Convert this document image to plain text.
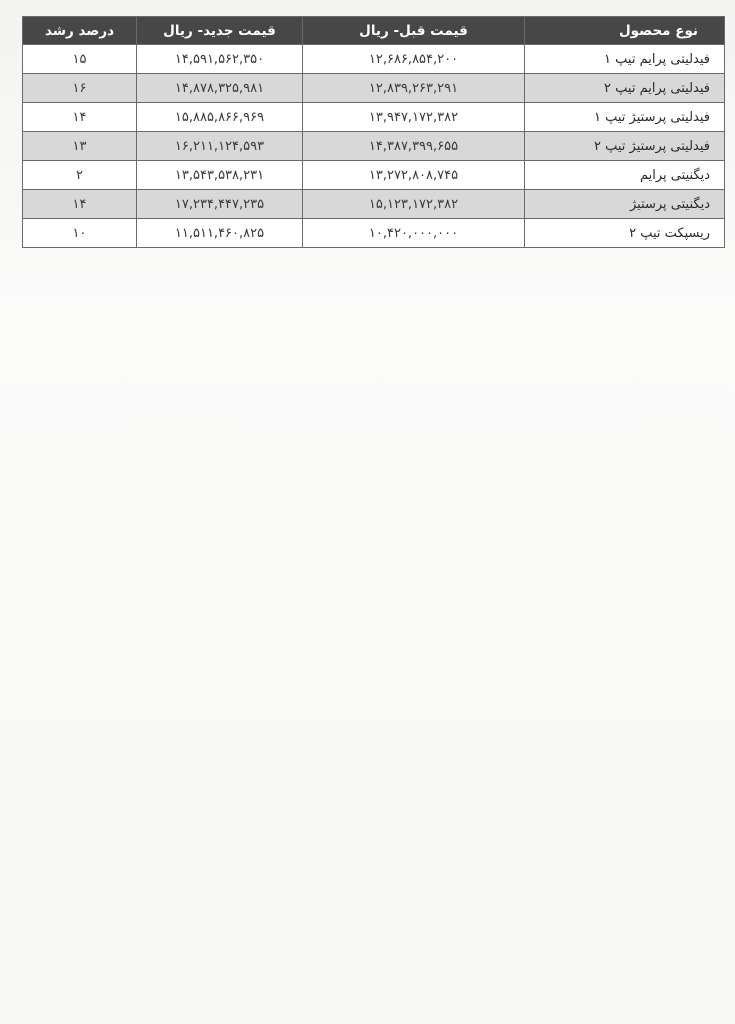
نوع محصول	قیمت قبل- ریال	قیمت جدید- ریال	درصد رشد
فیدلیتی پرایم تیپ ۱	۱۲,۶۸۶,۸۵۴,۲۰۰	۱۴,۵۹۱,۵۶۲,۳۵۰	۱۵
فیدلیتی پرایم تیپ ۲	۱۲,۸۳۹,۲۶۳,۲۹۱	۱۴,۸۷۸,۳۲۵,۹۸۱	۱۶
فیدلیتی پرستیژ تیپ ۱	۱۳,۹۴۷,۱۷۲,۳۸۲	۱۵,۸۸۵,۸۶۶,۹۶۹	۱۴
فیدلیتی پرستیژ تیپ ۲	۱۴,۳۸۷,۳۹۹,۶۵۵	۱۶,۲۱۱,۱۲۴,۵۹۳	۱۳
دیگنیتی پرایم	۱۳,۲۷۲,۸۰۸,۷۴۵	۱۳,۵۴۳,۵۳۸,۲۳۱	۲
دیگنیتی پرستیژ	۱۵,۱۲۳,۱۷۲,۳۸۲	۱۷,۲۳۴,۴۴۷,۲۳۵	۱۴
ریسپکت تیپ ۲	۱۰,۴۲۰,۰۰۰,۰۰۰	۱۱,۵۱۱,۴۶۰,۸۲۵	۱۰
